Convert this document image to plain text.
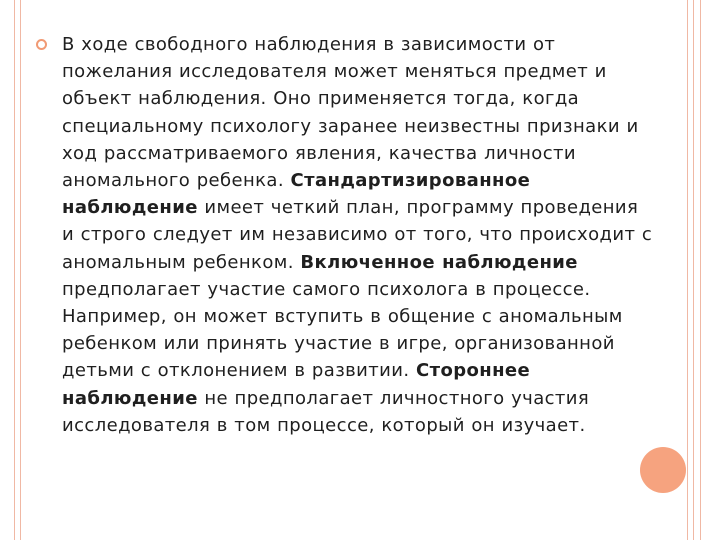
В ходе свободного наблюдения в зависимости от пожелания исследователя может меняться предмет и объект наблюдения. Оно применяется тогда, когда специальному психологу заранее неизвестны признаки и ход рассматриваемого явления, качества личности аномального ребенка. Стандартизированное наблюдение имеет четкий план, программу проведения и строго следует им независимо от того, что происходит с аномальным ребенком. Включенное наблюдение предполагает участие самого психолога в процессе. Например, он может вступить в общение с аномальным ребенком или принять участие в игре, организованной детьми с отклонением в развитии. Стороннее наблюдение не предполагает личностного участия исследователя в том процессе, который он изучает.
